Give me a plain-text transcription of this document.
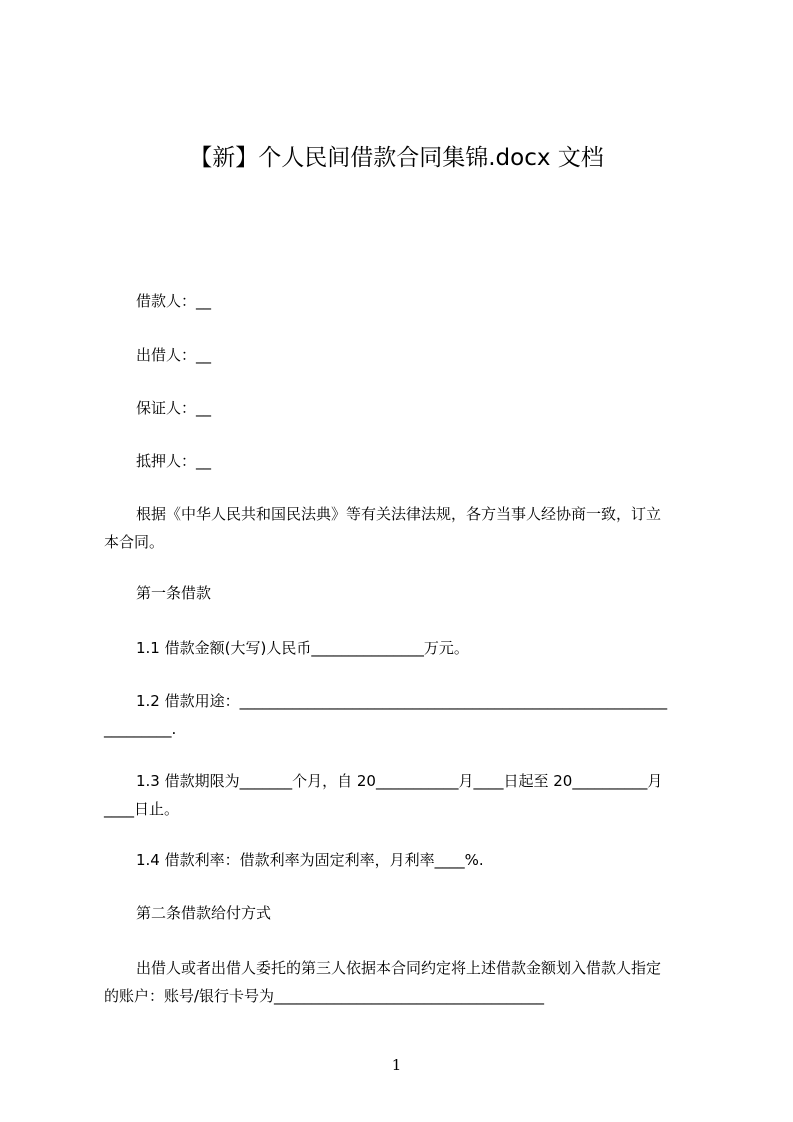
【新】个人民间借款合同集锦.docx 文档
借款人：__
出借人：__
保证人：__
抵押人：__
根据《中华人民共和国民法典》等有关法律法规，各方当事人经协商一致，订立
本合同。
第一条借款
1.1 借款金额(大写)人民币_______________万元。
1.2 借款用途：_________________________________________________________
_________.
1.3 借款期限为_______个月，自 20___________月____日起至 20__________月
____日止。
1.4 借款利率：借款利率为固定利率，月利率____%.
第二条借款给付方式
出借人或者出借人委托的第三人依据本合同约定将上述借款金额划入借款人指定
的账户：账号/银行卡号为____________________________________
1
